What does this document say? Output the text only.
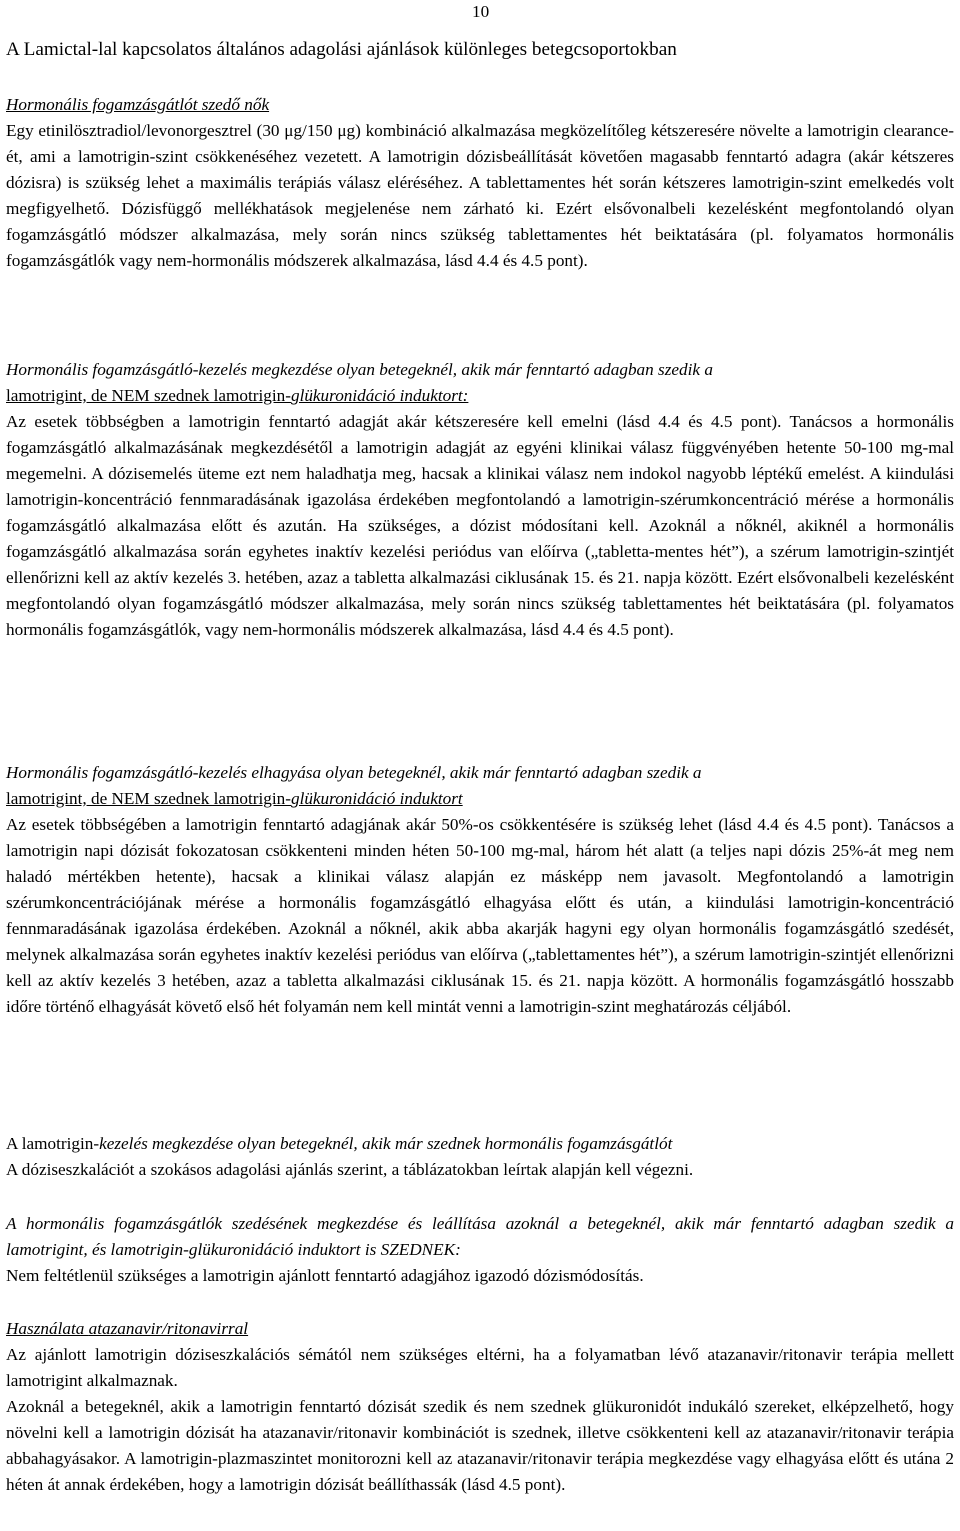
10
A Lamictal-lal kapcsolatos általános adagolási ajánlások különleges betegcsoportokban

Hormonális fogamzásgátlót szedő nők

Egy etinilösztradiol/levonorgesztrel (30 μg/150 μg) kombináció alkalmazása megközelítőleg kétszeresére növelte a lamotrigin clearance-ét, ami a lamotrigin-szint csökkenéséhez vezetett. A lamotrigin dózisbeállítását követően magasabb fenntartó adagra (akár kétszeres dózisra) is szükség lehet a maximális terápiás válasz eléréséhez. A tablettamentes hét során kétszeres lamotrigin-szint emelkedés volt megfigyelhető. Dózisfüggő mellékhatások megjelenése nem zárható ki. Ezért elsővonalbeli kezelésként megfontolandó olyan fogamzásgátló módszer alkalmazása, mely során nincs szükség tablettamentes hét beiktatására (pl. folyamatos hormonális fogamzásgátlók vagy nem-hormonális módszerek alkalmazása, lásd 4.4 és 4.5 pont).

Hormonális fogamzásgátló-kezelés megkezdése olyan betegeknél, akik már fenntartó adagban szedik a
lamotrigint, de NEM szednek lamotrigin-glükuronidáció induktort:

Az esetek többségben a lamotrigin fenntartó adagját akár kétszeresére kell emelni (lásd 4.4 és 4.5 pont). Tanácsos a hormonális fogamzásgátló alkalmazásának megkezdésétől a lamotrigin adagját az egyéni klinikai válasz függvényében hetente 50-100 mg-mal megemelni. A dózisemelés üteme ezt nem haladhatja meg, hacsak a klinikai válasz nem indokol nagyobb léptékű emelést. A kiindulási lamotrigin-koncentráció fennmaradásának igazolása érdekében megfontolandó a lamotrigin-szérumkoncentráció mérése a hormonális fogamzásgátló alkalmazása előtt és azután. Ha szükséges, a dózist módosítani kell. Azoknál a nőknél, akiknél a hormonális fogamzásgátló alkalmazása során egyhetes inaktív kezelési periódus van előírva („tabletta-mentes hét”), a szérum lamotrigin-szintjét ellenőrizni kell az aktív kezelés 3. hetében, azaz a tabletta alkalmazási ciklusának 15. és 21. napja között. Ezért elsővonalbeli kezelésként megfontolandó olyan fogamzásgátló módszer alkalmazása, mely során nincs szükség tablettamentes hét beiktatására (pl. folyamatos hormonális fogamzásgátlók, vagy nem-hormonális módszerek alkalmazása, lásd 4.4 és 4.5 pont).

Hormonális fogamzásgátló-kezelés elhagyása olyan betegeknél, akik már fenntartó adagban szedik a
lamotrigint, de NEM szednek lamotrigin-glükuronidáció induktort

Az esetek többségében a lamotrigin fenntartó adagjának akár 50%-os csökkentésére is szükség lehet (lásd 4.4 és 4.5 pont). Tanácsos a lamotrigin napi dózisát fokozatosan csökkenteni minden héten 50-100 mg-mal, három hét alatt (a teljes napi dózis 25%-át meg nem haladó mértékben hetente), hacsak a klinikai válasz alapján ez másképp nem javasolt. Megfontolandó a lamotrigin szérumkoncentrációjának mérése a hormonális fogamzásgátló elhagyása előtt és után, a kiindulási lamotrigin-koncentráció fennmaradásának igazolása érdekében. Azoknál a nőknél, akik abba akarják hagyni egy olyan hormonális fogamzásgátló szedését, melynek alkalmazása során egyhetes inaktív kezelési periódus van előírva („tablettamentes hét”), a szérum lamotrigin-szintjét ellenőrizni kell az aktív kezelés 3 hetében, azaz a tabletta alkalmazási ciklusának 15. és 21. napja között. A hormonális fogamzásgátló hosszabb időre történő elhagyását követő első hét folyamán nem kell mintát venni a lamotrigin-szint meghatározás céljából.

A lamotrigin-kezelés megkezdése olyan betegeknél, akik már szednek hormonális fogamzásgátlót

A dóziseszkalációt a szokásos adagolási ajánlás szerint, a táblázatokban leírtak alapján kell végezni.

A hormonális fogamzásgátlók szedésének megkezdése és leállítása azoknál a betegeknél, akik már fenntartó adagban szedik a lamotrigint, és lamotrigin-glükuronidáció induktort is SZEDNEK:

Nem feltétlenül szükséges a lamotrigin ajánlott fenntartó adagjához igazodó dózismódosítás.

Használata atazanavir/ritonavirral

Az ajánlott lamotrigin dóziseszkalációs sémától nem szükséges eltérni, ha a folyamatban lévő atazanavir/ritonavir terápia mellett lamotrigint alkalmaznak.

Azoknál a betegeknél, akik a lamotrigin fenntartó dózisát szedik és nem szednek glükuronidót indukáló szereket, elképzelhető, hogy növelni kell a lamotrigin dózisát ha atazanavir/ritonavir kombinációt is szednek, illetve csökkenteni kell az atazanavir/ritonavir terápia abbahagyásakor. A lamotrigin-plazmaszintet monitorozni kell az atazanavir/ritonavir terápia megkezdése vagy elhagyása előtt és utána 2 héten át annak érdekében, hogy a lamotrigin dózisát beállíthassák (lásd 4.5 pont).
